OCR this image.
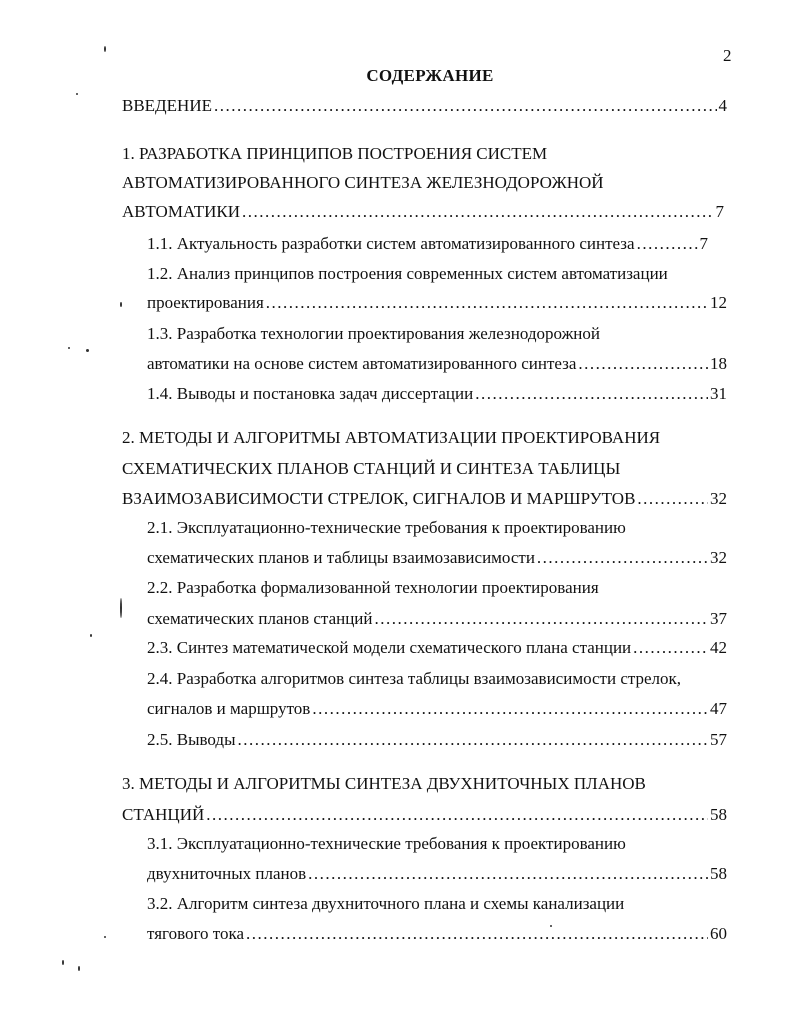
2
СОДЕРЖАНИЕ
ВВЕДЕНИЕ .....	4
1. РАЗРАБОТКА ПРИНЦИПОВ ПОСТРОЕНИЯ СИСТЕМ
АВТОМАТИЗИРОВАННОГО СИНТЕЗА ЖЕЛЕЗНОДОРОЖНОЙ
АВТОМАТИКИ .....	7
1.1. Актуальность разработки систем автоматизированного синтеза .....	7
1.2. Анализ принципов построения современных систем автоматизации
проектирования .....	12
1.3. Разработка технологии проектирования железнодорожной
автоматики на основе систем автоматизированного синтеза .....	18
1.4. Выводы и постановка задач диссертации .....	31
2. МЕТОДЫ И АЛГОРИТМЫ АВТОМАТИЗАЦИИ ПРОЕКТИРОВАНИЯ
СХЕМАТИЧЕСКИХ ПЛАНОВ СТАНЦИЙ И СИНТЕЗА ТАБЛИЦЫ
ВЗАИМОЗАВИСИМОСТИ СТРЕЛОК, СИГНАЛОВ И МАРШРУТОВ .....	32
2.1. Эксплуатационно-технические требования к проектированию
схематических планов и таблицы взаимозависимости .....	32
2.2. Разработка формализованной технологии проектирования
схематических планов станций .....	37
2.3. Синтез математической модели схематического плана станции .....	42
2.4. Разработка алгоритмов синтеза таблицы взаимозависимости стрелок,
сигналов и маршрутов .....	47
2.5. Выводы .....	57
3. МЕТОДЫ И АЛГОРИТМЫ СИНТЕЗА ДВУХНИТОЧНЫХ ПЛАНОВ
СТАНЦИЙ .....	58
3.1. Эксплуатационно-технические требования к проектированию
двухниточных планов .....	58
3.2. Алгоритм синтеза двухниточного плана и схемы канализации
тягового тока .....	60
